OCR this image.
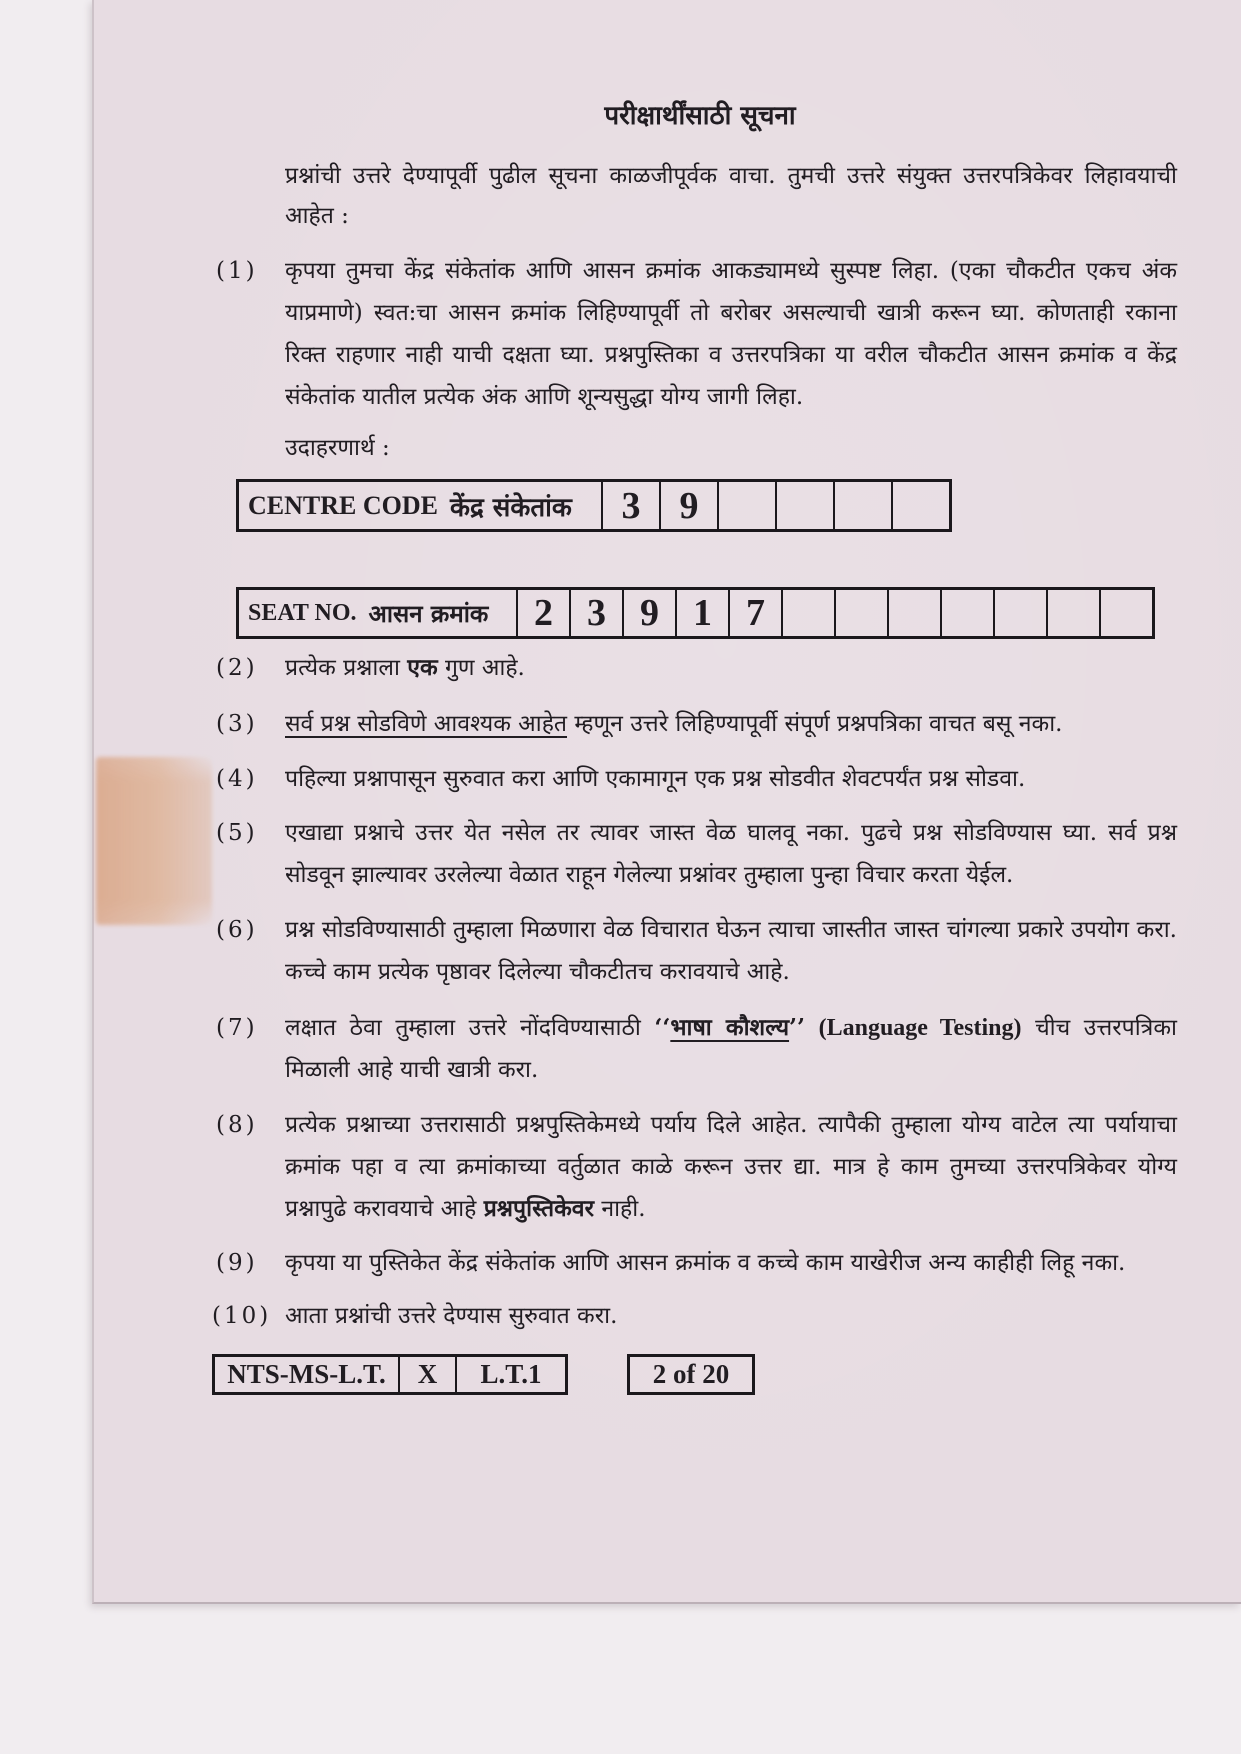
परीक्षार्थींसाठी सूचना
प्रश्नांची उत्तरे देण्यापूर्वी पुढील सूचना काळजीपूर्वक वाचा. तुमची उत्तरे संयुक्त उत्तरपत्रिकेवर लिहावयाची आहेत :
(1)	कृपया तुमचा केंद्र संकेतांक आणि आसन क्रमांक आकड्यामध्ये सुस्पष्ट लिहा. (एका चौकटीत एकच अंक याप्रमाणे) स्वत:चा आसन क्रमांक लिहिण्यापूर्वी तो बरोबर असल्याची खात्री करून घ्या. कोणताही रकाना रिक्त राहणार नाही याची दक्षता घ्या. प्रश्नपुस्तिका व उत्तरपत्रिका या वरील चौकटीत आसन क्रमांक व केंद्र संकेतांक यातील प्रत्येक अंक आणि शून्यसुद्धा योग्य जागी लिहा.
उदाहरणार्थ :
CENTRE CODE केंद्र संकेतांक	3	9
SEAT NO. आसन क्रमांक	2 3 9 1 7
(2)	प्रत्येक प्रश्नाला एक गुण आहे.
(3)	सर्व प्रश्न सोडविणे आवश्यक आहेत म्हणून उत्तरे लिहिण्यापूर्वी संपूर्ण प्रश्नपत्रिका वाचत बसू नका.
(4)	पहिल्या प्रश्नापासून सुरुवात करा आणि एकामागून एक प्रश्न सोडवीत शेवटपर्यंत प्रश्न सोडवा.
(5)	एखाद्या प्रश्नाचे उत्तर येत नसेल तर त्यावर जास्त वेळ घालवू नका. पुढचे प्रश्न सोडविण्यास घ्या. सर्व प्रश्न सोडवून झाल्यावर उरलेल्या वेळात राहून गेलेल्या प्रश्नांवर तुम्हाला पुन्हा विचार करता येईल.
(6)	प्रश्न सोडविण्यासाठी तुम्हाला मिळणारा वेळ विचारात घेऊन त्याचा जास्तीत जास्त चांगल्या प्रकारे उपयोग करा. कच्चे काम प्रत्येक पृष्ठावर दिलेल्या चौकटीतच करावयाचे आहे.
(7)	लक्षात ठेवा तुम्हाला उत्तरे नोंदविण्यासाठी ‘‘भाषा कौशल्य’’ (Language Testing) चीच उत्तरपत्रिका मिळाली आहे याची खात्री करा.
(8)	प्रत्येक प्रश्नाच्या उत्तरासाठी प्रश्नपुस्तिकेमध्ये पर्याय दिले आहेत. त्यापैकी तुम्हाला योग्य वाटेल त्या पर्यायाचा क्रमांक पहा व त्या क्रमांकाच्या वर्तुळात काळे करून उत्तर द्या. मात्र हे काम तुमच्या उत्तरपत्रिकेवर योग्य प्रश्नापुढे करावयाचे आहे प्रश्नपुस्तिकेवर नाही.
(9)	कृपया या पुस्तिकेत केंद्र संकेतांक आणि आसन क्रमांक व कच्चे काम याखेरीज अन्य काहीही लिहू नका.
(10) आता प्रश्नांची उत्तरे देण्यास सुरुवात करा.
NTS-MS-L.T.	X	L.T.1	2 of 20
